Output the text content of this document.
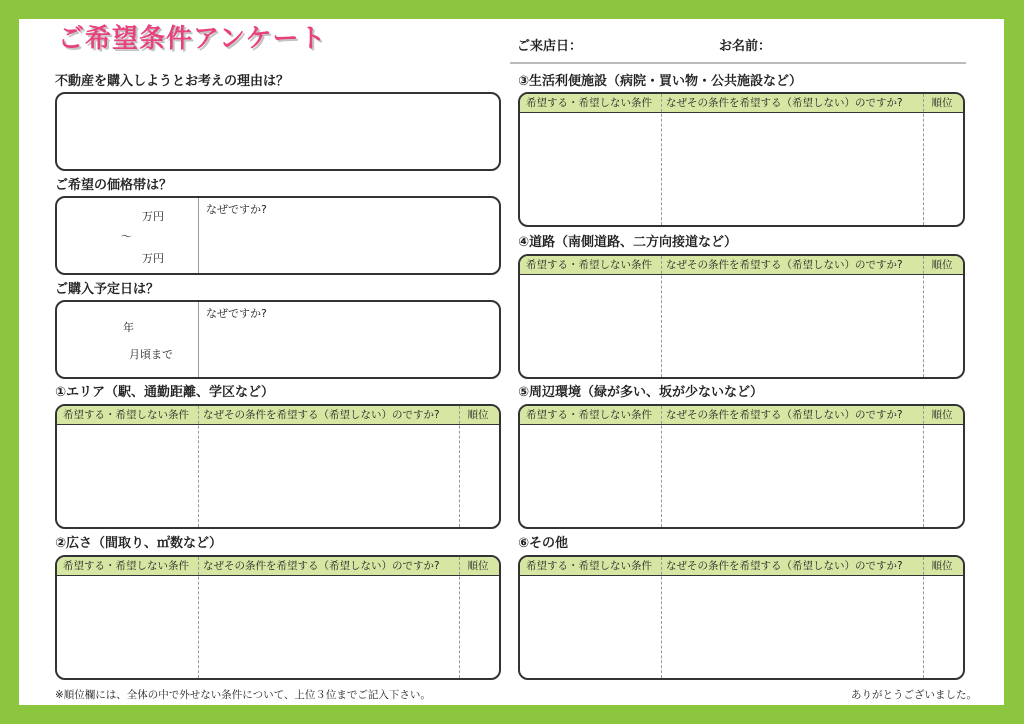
ご希望条件アンケート	ご来店日：	お名前：
不動産を購入しようとお考えの理由は？
ご希望の価格帯は？
万円
〜
万円
なぜですか?
ご購入予定日は？
年
月頃まで
なぜですか?
①エリア（駅、通勤距離、学区など）
希望する・希望しない条件	なぜその条件を希望する（希望しない）のですか?	順位
②広さ（間取り、㎡数など）
希望する・希望しない条件	なぜその条件を希望する（希望しない）のですか?	順位
③生活利便施設（病院・買い物・公共施設など）
希望する・希望しない条件	なぜその条件を希望する（希望しない）のですか?	順位
④道路（南側道路、二方向接道など）
希望する・希望しない条件	なぜその条件を希望する（希望しない）のですか?	順位
⑤周辺環境（緑が多い、坂が少ないなど）
希望する・希望しない条件	なぜその条件を希望する（希望しない）のですか?	順位
⑥その他
希望する・希望しない条件	なぜその条件を希望する（希望しない）のですか?	順位
※順位欄には、全体の中で外せない条件について、上位３位までご記入下さい。	ありがとうございました。
